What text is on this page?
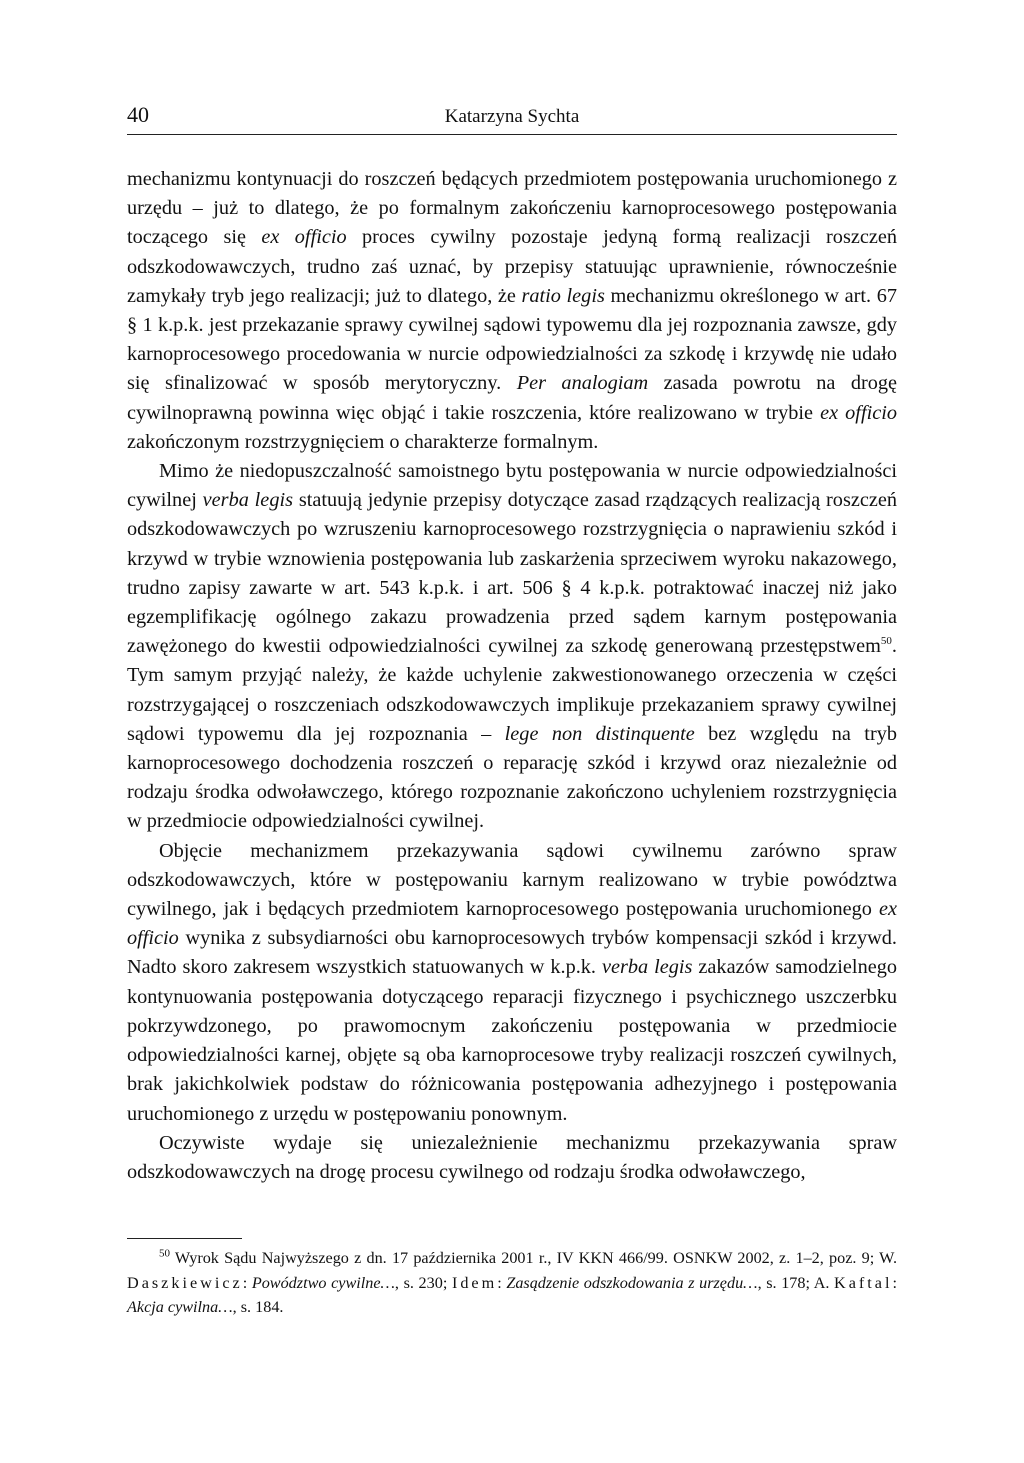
40	Katarzyna Sychta

mechanizmu kontynuacji do roszczeń będących przedmiotem postępowania uruchomionego z urzędu – już to dlatego, że po formalnym zakończeniu karnoprocesowego postępowania toczącego się ex officio proces cywilny pozostaje jedyną formą realizacji roszczeń odszkodowawczych, trudno zaś uznać, by przepisy statuując uprawnienie, równocześnie zamykały tryb jego realizacji; już to dlatego, że ratio legis mechanizmu określonego w art. 67 § 1 k.p.k. jest przekazanie sprawy cywilnej sądowi typowemu dla jej rozpoznania zawsze, gdy karnoprocesowego procedowania w nurcie odpowiedzialności za szkodę i krzywdę nie udało się sfinalizować w sposób merytoryczny. Per analogiam zasada powrotu na drogę cywilnoprawną powinna więc objąć i takie roszczenia, które realizowano w trybie ex officio zakończonym rozstrzygnięciem o charakterze formalnym.

Mimo że niedopuszczalność samoistnego bytu postępowania w nurcie odpowiedzialności cywilnej verba legis statuują jedynie przepisy dotyczące zasad rządzących realizacją roszczeń odszkodowawczych po wzruszeniu karnoprocesowego rozstrzygnięcia o naprawieniu szkód i krzywd w trybie wznowienia postępowania lub zaskarżenia sprzeciwem wyroku nakazowego, trudno zapisy zawarte w art. 543 k.p.k. i art. 506 § 4 k.p.k. potraktować inaczej niż jako egzemplifikację ogólnego zakazu prowadzenia przed sądem karnym postępowania zawężonego do kwestii odpowiedzialności cywilnej za szkodę generowaną przestępstwem$^{50}$. Tym samym przyjąć należy, że każde uchylenie zakwestionowanego orzeczenia w części rozstrzygającej o roszczeniach odszkodowawczych implikuje przekazaniem sprawy cywilnej sądowi typowemu dla jej rozpoznania – lege non distinquente bez względu na tryb karnoprocesowego dochodzenia roszczeń o reparację szkód i krzywd oraz niezależnie od rodzaju środka odwoławczego, którego rozpoznanie zakończono uchyleniem rozstrzygnięcia w przedmiocie odpowiedzialności cywilnej.

Objęcie mechanizmem przekazywania sądowi cywilnemu zarówno spraw odszkodowawczych, które w postępowaniu karnym realizowano w trybie powództwa cywilnego, jak i będących przedmiotem karnoprocesowego postępowania uruchomionego ex officio wynika z subsydiarności obu karnoprocesowych trybów kompensacji szkód i krzywd. Nadto skoro zakresem wszystkich statuowanych w k.p.k. verba legis zakazów samodzielnego kontynuowania postępowania dotyczącego reparacji fizycznego i psychicznego uszczerbku pokrzywdzonego, po prawomocnym zakończeniu postępowania w przedmiocie odpowiedzialności karnej, objęte są oba karnoprocesowe tryby realizacji roszczeń cywilnych, brak jakichkolwiek podstaw do różnicowania postępowania adhezyjnego i postępowania uruchomionego z urzędu w postępowaniu ponownym.

Oczywiste wydaje się uniezależnienie mechanizmu przekazywania spraw odszkodowawczych na drogę procesu cywilnego od rodzaju środka odwoławczego,

$^{50}$ Wyrok Sądu Najwyższego z dn. 17 października 2001 r., IV KKN 466/99. OSNKW 2002, z. 1–2, poz. 9; W. Daszkiewicz: Powództwo cywilne…, s. 230; Idem: Zasądzenie odszkodowania z urzędu…, s. 178; A. Kaftal: Akcja cywilna…, s. 184.
